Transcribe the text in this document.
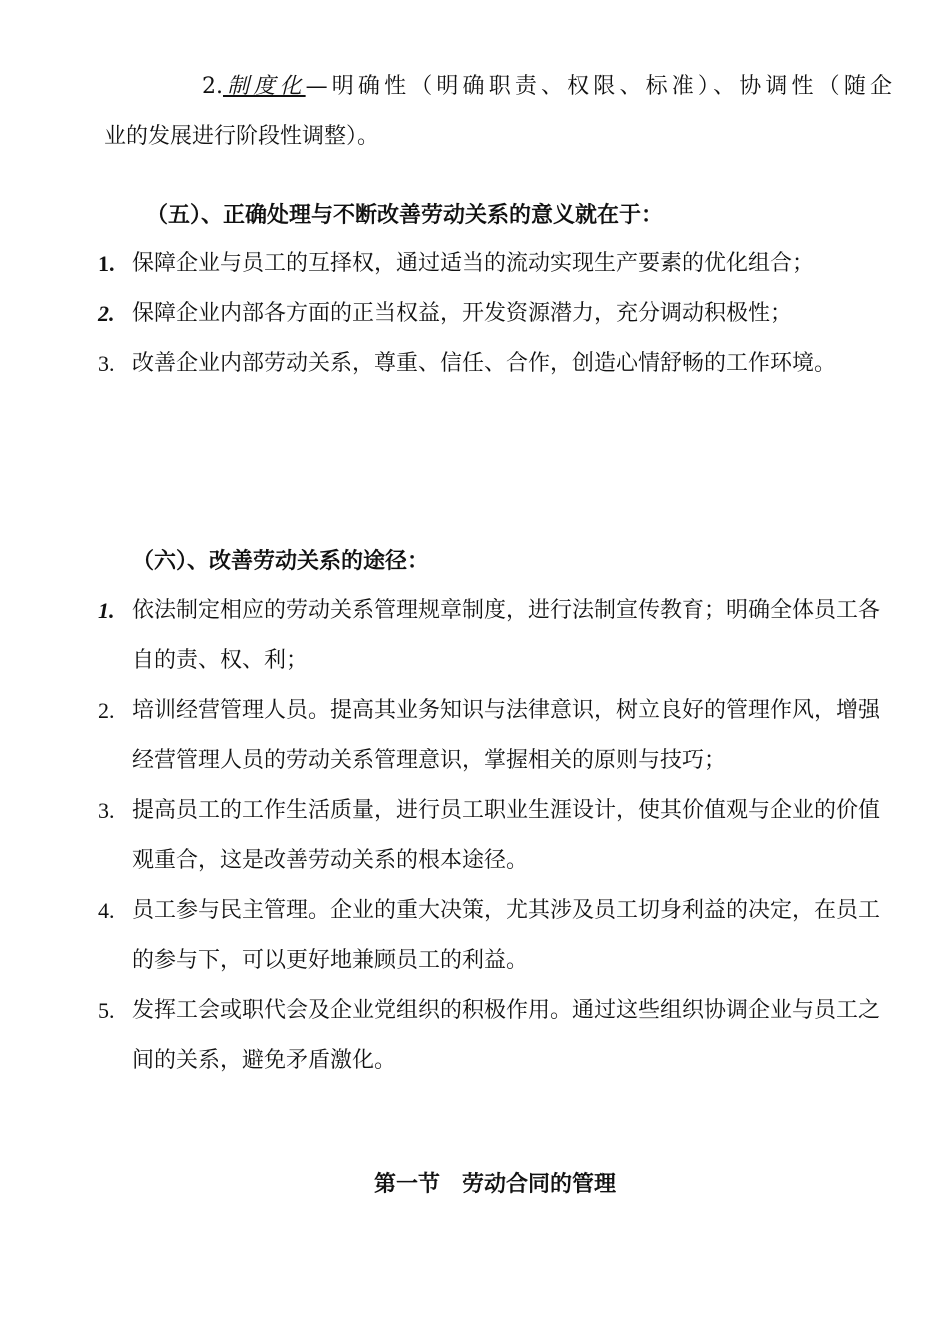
2.制度化—明确性（明确职责、权限、标准）、协调性（随企
业的发展进行阶段性调整）。
（五）、正确处理与不断改善劳动关系的意义就在于：
1. 保障企业与员工的互择权，通过适当的流动实现生产要素的优化组合；
2. 保障企业内部各方面的正当权益，开发资源潜力，充分调动积极性；
3. 改善企业内部劳动关系，尊重、信任、合作，创造心情舒畅的工作环境。
（六）、改善劳动关系的途径：
1. 依法制定相应的劳动关系管理规章制度，进行法制宣传教育；明确全体员工各自的责、权、利；
2. 培训经营管理人员。提高其业务知识与法律意识，树立良好的管理作风，增强经营管理人员的劳动关系管理意识，掌握相关的原则与技巧；
3. 提高员工的工作生活质量，进行员工职业生涯设计，使其价值观与企业的价值观重合，这是改善劳动关系的根本途径。
4. 员工参与民主管理。企业的重大决策，尤其涉及员工切身利益的决定，在员工的参与下，可以更好地兼顾员工的利益。
5. 发挥工会或职代会及企业党组织的积极作用。通过这些组织协调企业与员工之间的关系，避免矛盾激化。
第一节　劳动合同的管理
